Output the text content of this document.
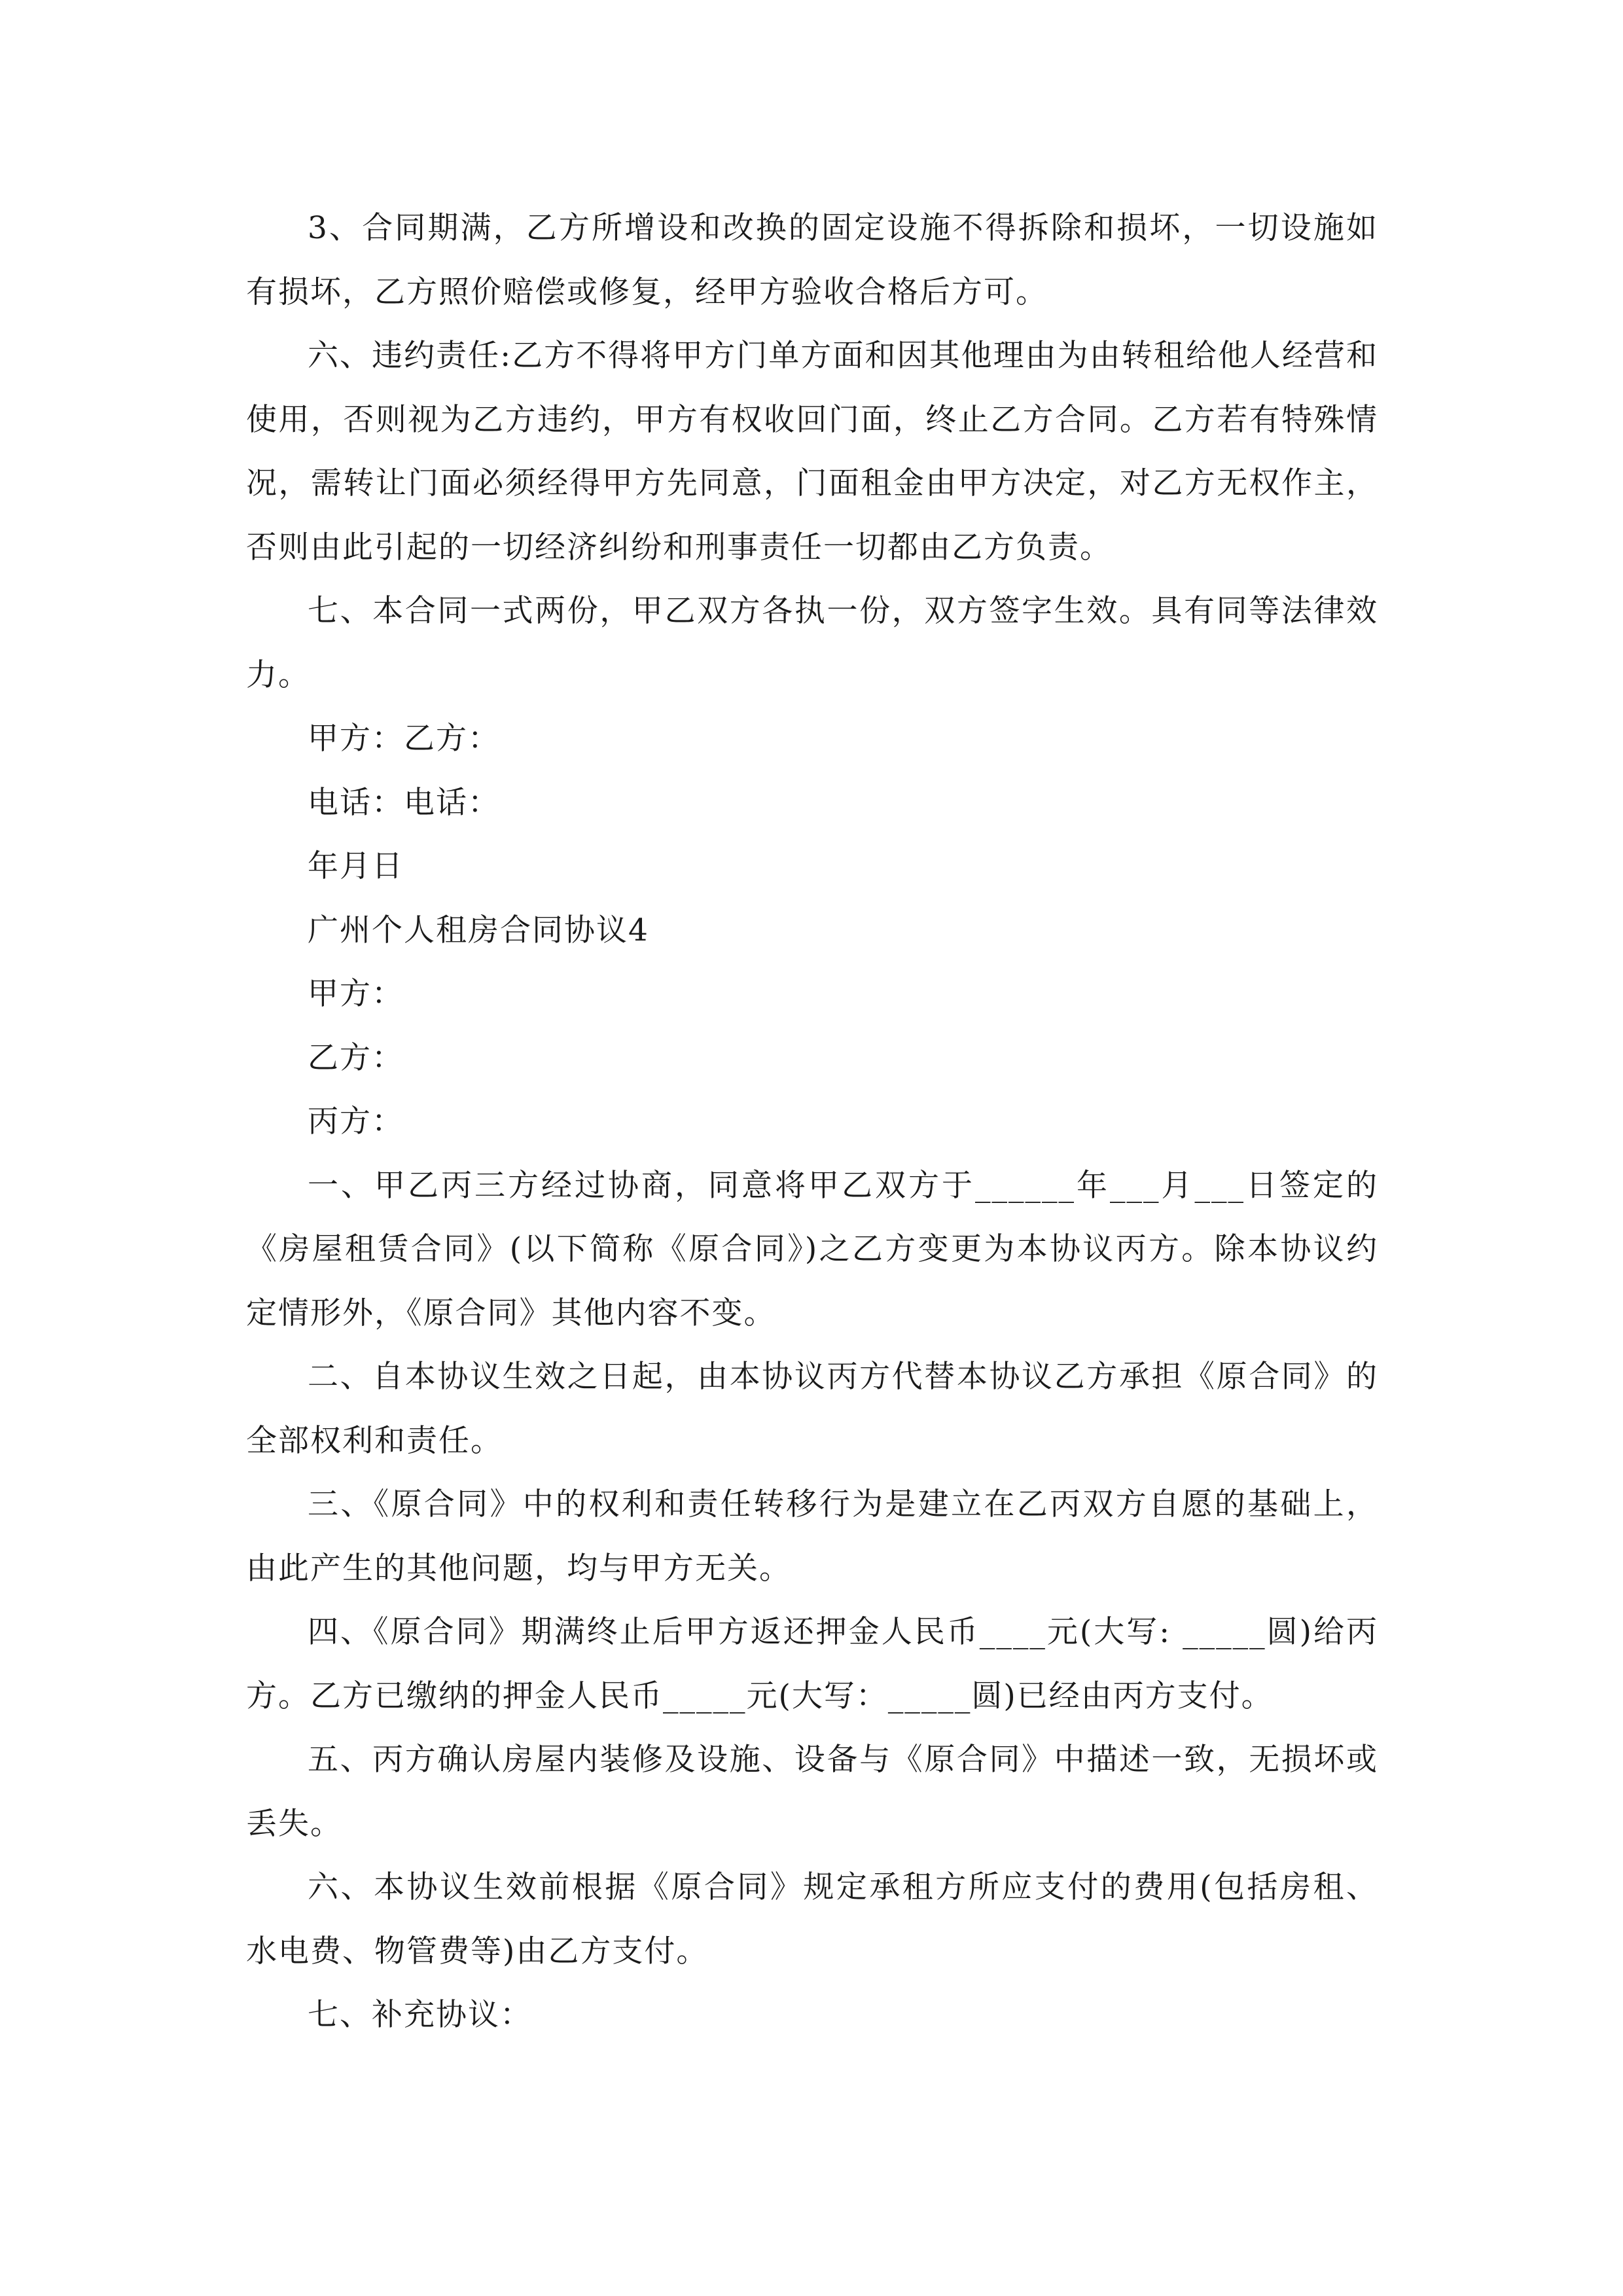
3、合同期满，乙方所增设和改换的固定设施不得拆除和损坏，一切设施如有损坏，乙方照价赔偿或修复，经甲方验收合格后方可。

六、违约责任:乙方不得将甲方门单方面和因其他理由为由转租给他人经营和使用，否则视为乙方违约，甲方有权收回门面，终止乙方合同。乙方若有特殊情况，需转让门面必须经得甲方先同意，门面租金由甲方决定，对乙方无权作主，否则由此引起的一切经济纠纷和刑事责任一切都由乙方负责。

七、本合同一式两份，甲乙双方各执一份，双方签字生效。具有同等法律效力。

甲方：乙方：

电话：电话：

年月日

广州个人租房合同协议4

甲方：

乙方：

丙方：

一、甲乙丙三方经过协商，同意将甲乙双方于______年___月___日签定的《房屋租赁合同》(以下简称《原合同》)之乙方变更为本协议丙方。除本协议约定情形外，《原合同》其他内容不变。

二、自本协议生效之日起，由本协议丙方代替本协议乙方承担《原合同》的全部权利和责任。

三、《原合同》中的权利和责任转移行为是建立在乙丙双方自愿的基础上，由此产生的其他问题，均与甲方无关。

四、《原合同》期满终止后甲方返还押金人民币____元(大写: _____圆)给丙方。乙方已缴纳的押金人民币_____元(大写：_____圆)已经由丙方支付。

五、丙方确认房屋内装修及设施、设备与《原合同》中描述一致，无损坏或丢失。

六、本协议生效前根据《原合同》规定承租方所应支付的费用(包括房租、水电费、物管费等)由乙方支付。

七、补充协议：
